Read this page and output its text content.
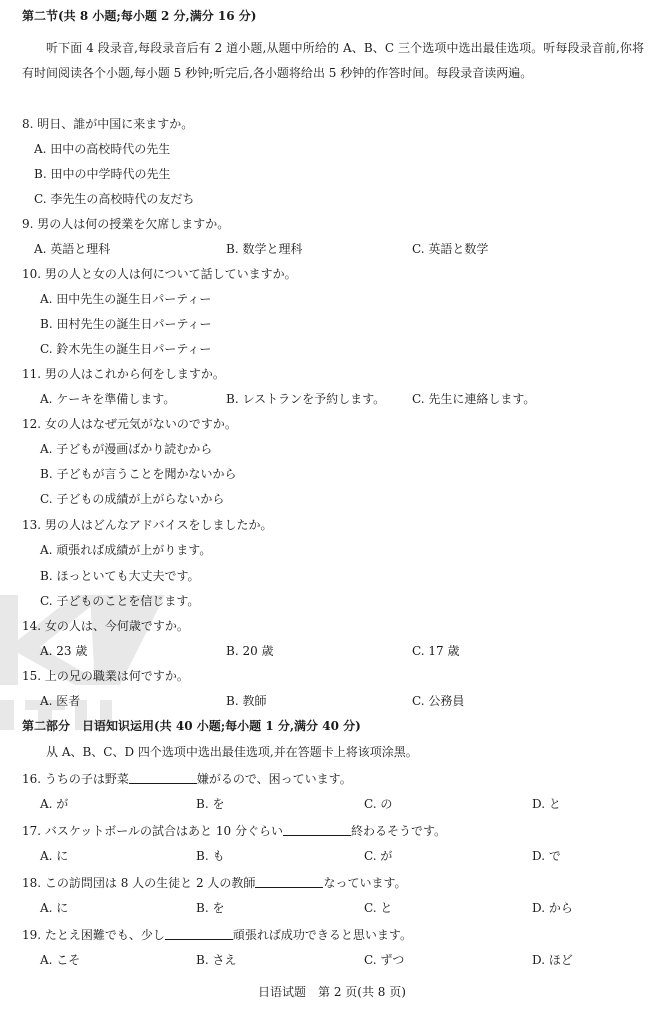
第二节(共 8 小题;每小题 2 分,满分 16 分)
听下面 4 段录音,每段录音后有 2 道小题,从题中所给的 A、B、C 三个选项中选出最佳选项。听每段录音前,你将有时间阅读各个小题,每小题 5 秒钟;听完后,各小题将给出 5 秒钟的作答时间。每段录音读两遍。
8. 明日、誰が中国に来ますか。
A. 田中の高校時代の先生
B. 田中の中学時代の先生
C. 李先生の高校時代の友だち
9. 男の人は何の授業を欠席しますか。
A. 英語と理科	B. 数学と理科	C. 英語と数学
10. 男の人と女の人は何について話していますか。
A. 田中先生の誕生日パーティー
B. 田村先生の誕生日パーティー
C. 鈴木先生の誕生日パーティー
11. 男の人はこれから何をしますか。
A. ケーキを準備します。	B. レストランを予約します。 C. 先生に連絡します。
12. 女の人はなぜ元気がないのですか。
A. 子どもが漫画ばかり読むから
B. 子どもが言うことを聞かないから
C. 子どもの成績が上がらないから
13. 男の人はどんなアドバイスをしましたか。
A. 頑張れば成績が上がります。
B. ほっといても大丈夫です。
C. 子どものことを信じます。
14. 女の人は、今何歳ですか。
A. 23 歳	B. 20 歳	C. 17 歳
15. 上の兄の職業は何ですか。
A. 医者	B. 教師	C. 公務員
第二部分　日语知识运用(共 40 小题;每小题 1 分,满分 40 分)
从 A、B、C、D 四个选项中选出最佳选项,并在答题卡上将该项涂黑。
16. うちの子は野菜	嫌がるので、困っています。
A. が	B. を	C. の	D. と
17. バスケットボールの試合はあと 10 分ぐらい	終わるそうです。
A. に	B. も	C. が	D. で
18. この訪問団は 8 人の生徒と 2 人の教師	なっています。
A. に	B. を	C. と	D. から
19. たとえ困難でも、少し	頑張れば成功できると思います。
A. こそ	B. さえ	C. ずつ	D. ほど
日语试题　第 2 页(共 8 页)
